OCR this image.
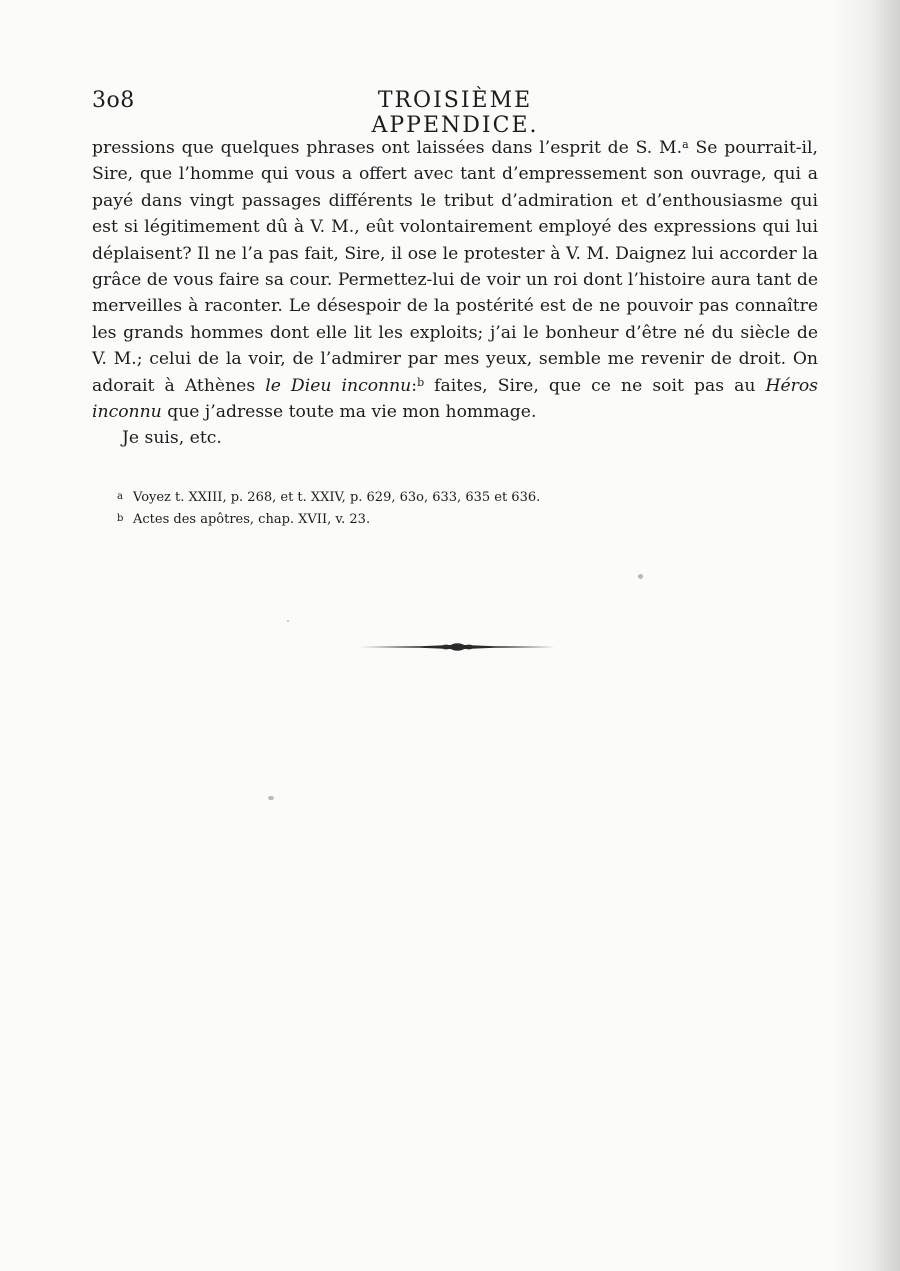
3o8	TROISIÈME APPENDICE.

pressions que quelques phrases ont laissées dans l’esprit de S. M.$^a$ Se pourrait-il, Sire, que l’homme qui vous a offert avec tant d’empressement son ouvrage, qui a payé dans vingt passages différents le tribut d’admiration et d’enthousiasme qui est si légitimement dû à V. M., eût volontairement employé des expressions qui lui déplaisent? Il ne l’a pas fait, Sire, il ose le protester à V. M. Daignez lui accorder la grâce de vous faire sa cour. Permettez-lui de voir un roi dont l’histoire aura tant de merveilles à raconter. Le désespoir de la postérité est de ne pouvoir pas connaître les grands hommes dont elle lit les exploits; j’ai le bonheur d’être né du siècle de V. M.; celui de la voir, de l’admirer par mes yeux, semble me revenir de droit. On adorait à Athènes le Dieu inconnu:$^b$ faites, Sire, que ce ne soit pas au Héros inconnu que j’adresse toute ma vie mon hommage.

Je suis, etc.

a Voyez t. XXIII, p. 268, et t. XXIV, p. 629, 63o, 633, 635 et 636.
b Actes des apôtres, chap. XVII, v. 23.
